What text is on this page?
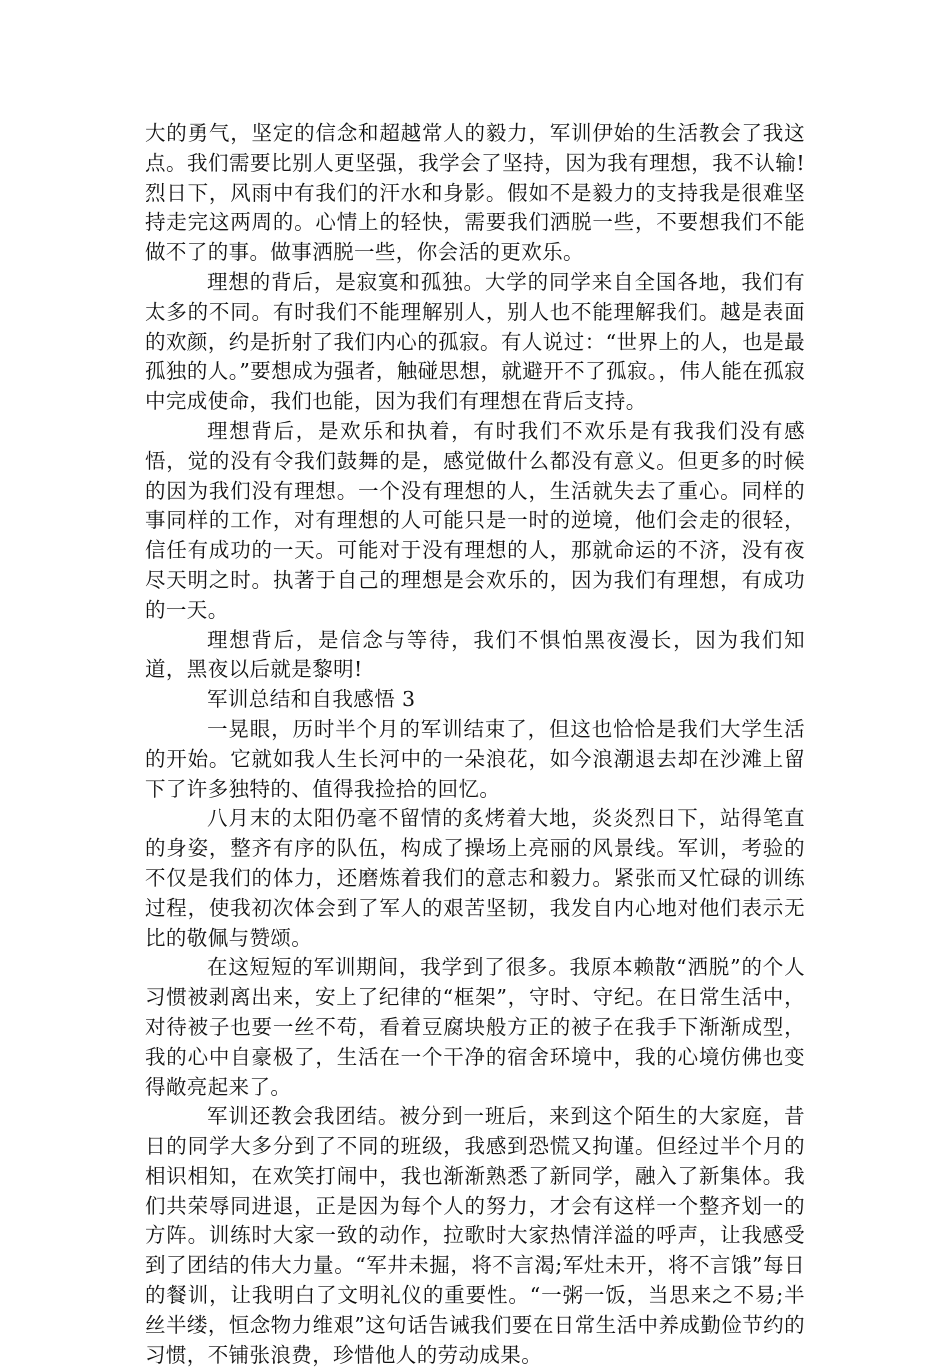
大的勇气，坚定的信念和超越常人的毅力，军训伊始的生活教会了我这点。我们需要比别人更坚强，我学会了坚持，因为我有理想，我不认输!烈日下，风雨中有我们的汗水和身影。假如不是毅力的支持我是很难坚持走完这两周的。心情上的轻快，需要我们洒脱一些，不要想我们不能做不了的事。做事洒脱一些，你会活的更欢乐。

理想的背后，是寂寞和孤独。大学的同学来自全国各地，我们有太多的不同。有时我们不能理解别人，别人也不能理解我们。越是表面的欢颜，约是折射了我们内心的孤寂。有人说过：“世界上的人，也是最孤独的人。”要想成为强者，触碰思想，就避开不了孤寂。，伟人能在孤寂中完成使命，我们也能，因为我们有理想在背后支持。

理想背后，是欢乐和执着，有时我们不欢乐是有我我们没有感悟，觉的没有令我们鼓舞的是，感觉做什么都没有意义。但更多的时候的因为我们没有理想。一个没有理想的人，生活就失去了重心。同样的事同样的工作，对有理想的人可能只是一时的逆境，他们会走的很轻，信任有成功的一天。可能对于没有理想的人，那就命运的不济，没有夜尽天明之时。执著于自己的理想是会欢乐的，因为我们有理想，有成功的一天。

理想背后，是信念与等待，我们不惧怕黑夜漫长，因为我们知道，黑夜以后就是黎明!

军训总结和自我感悟 3

一晃眼，历时半个月的军训结束了，但这也恰恰是我们大学生活的开始。它就如我人生长河中的一朵浪花，如今浪潮退去却在沙滩上留下了许多独特的、值得我捡拾的回忆。

八月末的太阳仍毫不留情的炙烤着大地，炎炎烈日下，站得笔直的身姿，整齐有序的队伍，构成了操场上亮丽的风景线。军训，考验的不仅是我们的体力，还磨炼着我们的意志和毅力。紧张而又忙碌的训练过程，使我初次体会到了军人的艰苦坚韧，我发自内心地对他们表示无比的敬佩与赞颂。

在这短短的军训期间，我学到了很多。我原本赖散“洒脱”的个人习惯被剥离出来，安上了纪律的“框架”，守时、守纪。在日常生活中，对待被子也要一丝不苟，看着豆腐块般方正的被子在我手下渐渐成型，我的心中自豪极了，生活在一个干净的宿舍环境中，我的心境仿佛也变得敞亮起来了。

军训还教会我团结。被分到一班后，来到这个陌生的大家庭，昔日的同学大多分到了不同的班级，我感到恐慌又拘谨。但经过半个月的相识相知，在欢笑打闹中，我也渐渐熟悉了新同学，融入了新集体。我们共荣辱同进退，正是因为每个人的努力，才会有这样一个整齐划一的方阵。训练时大家一致的动作，拉歌时大家热情洋溢的呼声，让我感受到了团结的伟大力量。“军井未掘，将不言渴;军灶未开，将不言饿”每日的餐训，让我明白了文明礼仪的重要性。“一粥一饭，当思来之不易;半丝半缕，恒念物力维艰”这句话告诫我们要在日常生活中养成勤俭节约的习惯，不铺张浪费，珍惜他人的劳动成果。
